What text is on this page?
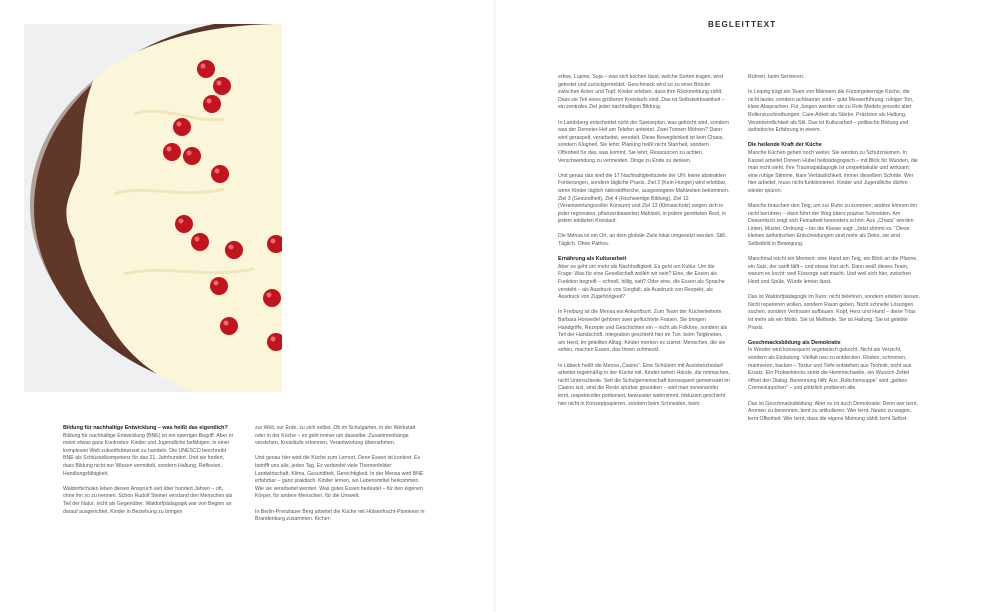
BEGLEITTEXT
Bildung für nachhaltige Entwicklung – was heißt das eigentlich?

Bildung für nachhaltige Entwicklung (BNE) ist ein sperriger Begriff. Aber er meint etwas ganz Konkretes: Kinder und Jugendliche befähigen, in einer komplexen Welt zukunftsbewusst zu handeln. Die UNESCO beschreibt BNE als Schlüsselkompetenz für das 21. Jahrhundert. Und sie fordert, dass Bildung nicht nur Wissen vermittelt, sondern Haltung, Reflexion, Handlungsfähigkeit.

Waldorfschulen leben diesen Anspruch seit über hundert Jahren – oft, ohne ihn so zu nennen. Schon Rudolf Steiner verstand den Menschen als Teil der Natur, nicht als Gegenüber. Waldorfpädagogik war von Beginn an darauf ausgerichtet, Kinder in Beziehung zu bringen

zur Welt, zur Erde, zu sich selbst. Ob im Schulgarten, in der Werkstatt oder in der Küche – es geht immer um dasselbe: Zusammenhänge verstehen, Kreisläufe erkennen, Verantwortung übernehmen.

Und genau hier wird die Küche zum Lernort. Denn Essen ist konkret. Es betrifft uns alle, jeden Tag. Es verbindet viele Themenfelder: Landwirtschaft, Klima, Gesundheit, Gerechtigkeit. In der Mensa wird BNE erfahrbar – ganz praktisch. Kinder lernen, wo Lebensmittel herkommen. Wie sie verarbeitet werden. Was gutes Essen bedeutet – für den eigenen Körper, für andere Menschen, für die Umwelt.

In Berlin-Prenzlauer Berg arbeitet die Küche mit Hülsenfrucht-Pionieren in Brandenburg zusammen. Kicher-

erbse, Lupine, Soja – was sich kochen lässt, welche Sorten tragen, wird getestet und zurückgemeldet. Geschmack wird so zu einer Brücke zwischen Acker und Topf. Kinder erleben, dass ihre Rückmeldung zählt. Dass sie Teil eines größeren Kreislaufs sind. Das ist Selbstwirksamkeit – ein zentrales Ziel jeder nachhaltigen Bildung.

In Landsberg entscheidet nicht der Speiseplan, was gekocht wird, sondern was der Demeter-Hof am Telefon anbietet. Zwei Tonnen Möhren? Dann wird geraspelt, verarbeitet, veredelt. Diese Beweglichkeit ist kein Chaos, sondern Klugheit. Sie lehrt: Planung heißt nicht Starrheit, sondern Offenheit für das, was kommt. Sie lehrt, Ressourcen zu achten. Verschwendung zu vermeiden. Dinge zu Ende zu denken.

Und genau das sind die 17 Nachhaltigkeitsziele der UN: keine abstrakten Forderungen, sondern tägliche Praxis. Ziel 2 (Kein Hunger) wird erlebbar, wenn Kinder täglich nährstoffreiche, ausgewogene Mahlzeiten bekommen. Ziel 3 (Gesundheit), Ziel 4 (Hochwertige Bildung), Ziel 12 (Verantwortungsvoller Konsum) und Ziel 13 (Klimaschutz) zeigen sich in jeder regionalen, pflanzenbasierten Mahlzeit, in jedem geretteten Rest, in jedem erklärten Kreislauf.

Die Mensa ist ein Ort, an dem globale Ziele lokal umgesetzt werden. Still. Täglich. Ohne Pathos.

Ernährung als Kulturarbeit

Aber es geht um mehr als Nachhaltigkeit. Es geht um Kultur. Um die Frage: Was für eine Gesellschaft wollen wir sein? Eine, die Essen als Funktion begreift – schnell, billig, satt? Oder eine, die Essen als Sprache versteht – als Ausdruck von Sorgfalt, als Ausdruck von Respekt, als Ausdruck von Zugehörigkeit?

In Freiburg ist die Mensa ein Ankunftsort. Zum Team der Küchenleiterin Barbara Horwedel gehören zwei geflüchtete Frauen. Sie bringen Handgriffe, Rezepte und Geschichten ein – nicht als Folklore, sondern als Teil der Handschrift. Integration geschieht hier im Tun: beim Teigkneten, am Herd, im geteilten Alltag. Kinder merken es zuerst: Menschen, die sie sehen, machen Essen, das Ihnen schmeckt.

In Lübeck heißt die Mensa „Casino“. Eine Schülerin mit Assistenzbedarf arbeitet regelmäßig in der Küche mit. Kinder sehen Hände, die mitmachen, nicht Unterschiede. Seit die Schulgemeinschaft konsequent gemeinsam im Casino isst, sind die Reste spürbar gesunken – weil man voneinander lernt, respektvoller portioniert, bewusster wahrnimmt. Inklusion geschieht hier nicht in Konzeptpapieren, sondern beim Schneiden, beim

Rühren, beim Servieren.

In Leipzig trägt ein Team von Männern die Fürsorgekernige Küche, die nicht lauter, sondern achtsamer sind – gute Messerführung, ruhiger Ton, klare Absprachen. Für Jungen werden sie zu Role Models jenseits alter Rollenzuschreibungen: Care-Arbeit als Stärke, Präzision als Haltung, Verantwortlichkeit als Stil. Das ist Kulturarbeit – politische Bildung und ästhetische Erfahrung in einem.

Die heilende Kraft der Küche

Manche Küchen gehen noch weiter. Sie werden zu Schutzräumen. In Kassel arbeitet Doreen Hübel heilpädagogisch – mit Blick für Wunden, die man nicht sieht. Ihre Traumapädagogik ist unspektakulär und wirksam: eine ruhige Stimme, klare Verlässlichkeit, immer dieselben Schritte. Wer hier arbeitet, muss nicht funktionieren. Kinder und Jugendliche dürfen wieder spüren.

Manche brauchen den Teig, um zur Ruhe zu kommen; andere können ihn nicht berühren – dann führt der Weg übers präzise Schneiden. Am Dessertisch zeigt sich Feinarbeit besonders schön: Aus „Chaos“ werden Linien, Muster, Ordnung – bis die Klasse sagt: „Jetzt stimmt es.“ Diese kleinen ästhetischen Entscheidungen sind mehr als Deko, sie sind Selbstbild in Bewegung.

Manchmal reicht ein Moment: eine Hand am Teig, ein Blick an die Pfanne, ein Salz, der sanft fällt – und etwas löst sich. Dann weiß dieses Team, warum es kocht: weil Fürsorge satt macht. Und weil sich hier, zwischen Herd und Spüle, Würde lernen lässt.

Das ist Waldorfpädagogik im Kern: nicht belehren, sondern erleben lassen. Nicht reparieren wollen, sondern Raum geben. Nicht schnelle Lösungen suchen, sondern Vertrauen aufbauen. Kopf, Herz und Hand – diese Trias ist mehr als ein Motto. Sie ist Methode. Sie ist Haltung. Sie ist gelebte Praxis.

Geschmacksbildung als Demokratie

In Werder wird konsequent vegetarisch gekocht. Nicht als Verzicht, sondern als Einladung. Vielfalt neu zu entdecken. Rösten, schmoren, marinieren, backen – Textur und Tiefe entstehen aus Technik, nicht aus Ersatz. Ein Probierklecks senkt die Hemmschwelle, ein Wunsch-Zettel öffnet den Dialog. Benennung hilft: Aus „Rübchensuppe“ wird „gelbes Cremesüppchen“ – und plötzlich probieren alle.

Das ist Geschmacksbildung. Aber es ist auch Demokratie: Denn wer lernt, Aromen zu benennen, lernt zu artikulieren. Wer lernt, Neues zu wagen, lernt Offenheit. Wer lernt, dass die eigene Meinung zählt, lernt Selbst-
